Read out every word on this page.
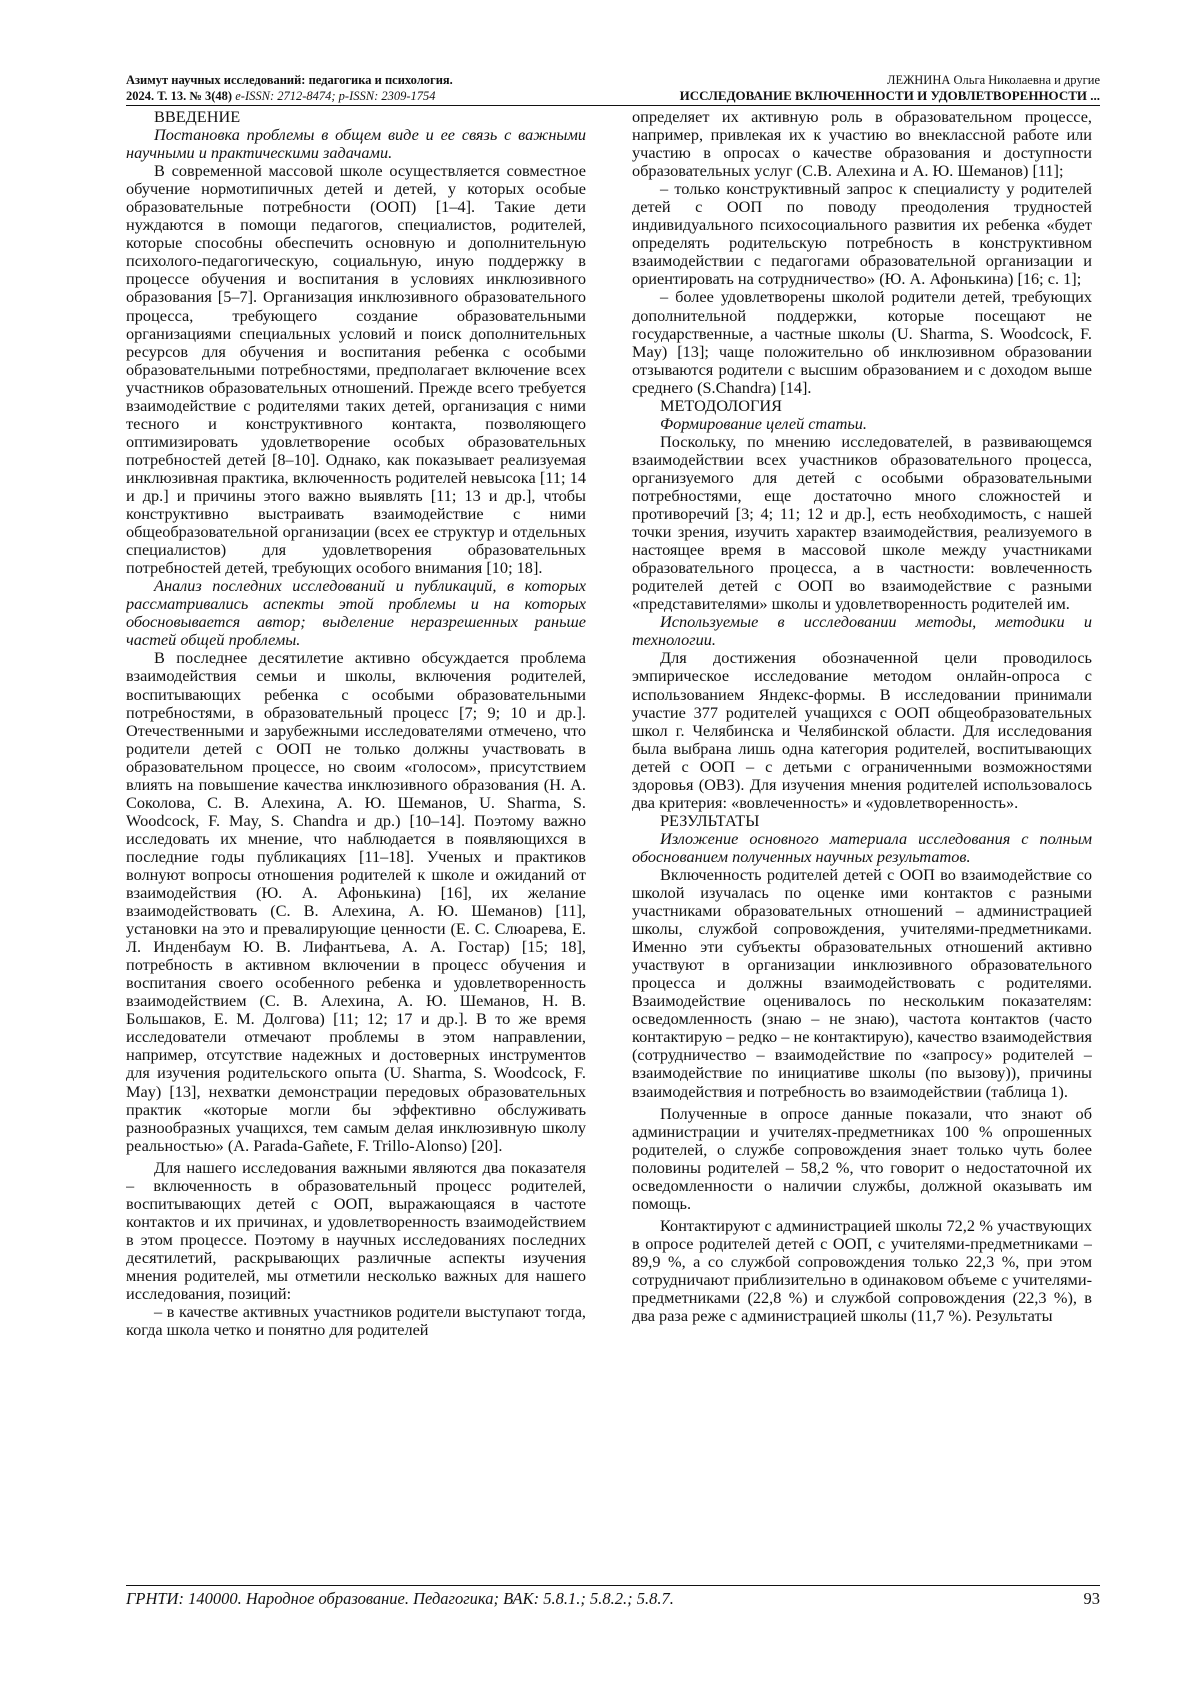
Азимут научных исследований: педагогика и психология.
2024. Т. 13. № 3(48) e-ISSN: 2712-8474; p-ISSN: 2309-1754
ЛЕЖНИНА Ольга Николаевна и другие
ИССЛЕДОВАНИЕ ВКЛЮЧЕННОСТИ И УДОВЛЕТВОРЕННОСТИ ...

ВВЕДЕНИЕ

Постановка проблемы в общем виде и ее связь с важными научными и практическими задачами.

В современной массовой школе осуществляется совместное обучение нормотипичных детей и детей, у которых особые образовательные потребности (ООП) [1–4]. Такие дети нуждаются в помощи педагогов, специалистов, родителей, которые способны обеспечить основную и дополнительную психолого-педагогическую, социальную, иную поддержку в процессе обучения и воспитания в условиях инклюзивного образования [5–7]. Организация инклюзивного образовательного процесса, требующего создание образовательными организациями специальных условий и поиск дополнительных ресурсов для обучения и воспитания ребенка с особыми образовательными потребностями, предполагает включение всех участников образовательных отношений. Прежде всего требуется взаимодействие с родителями таких детей, организация с ними тесного и конструктивного контакта, позволяющего оптимизировать удовлетворение особых образовательных потребностей детей [8–10]. Однако, как показывает реализуемая инклюзивная практика, включенность родителей невысока [11; 14 и др.] и причины этого важно выявлять [11; 13 и др.], чтобы конструктивно выстраивать взаимодействие с ними общеобразовательной организации (всех ее структур и отдельных специалистов) для удовлетворения образовательных потребностей детей, требующих особого внимания [10; 18].

Анализ последних исследований и публикаций, в которых рассматривались аспекты этой проблемы и на которых обосновывается автор; выделение неразрешенных раньше частей общей проблемы.

В последнее десятилетие активно обсуждается проблема взаимодействия семьи и школы, включения родителей, воспитывающих ребенка с особыми образовательными потребностями, в образовательный процесс [7; 9; 10 и др.]. Отечественными и зарубежными исследователями отмечено, что родители детей с ООП не только должны участвовать в образовательном процессе, но своим «голосом», присутствием влиять на повышение качества инклюзивного образования (Н. А. Соколова, С. В. Алехина, А. Ю. Шеманов, U. Sharma, S. Woodcock, F. May, S. Chandra и др.) [10–14]. Поэтому важно исследовать их мнение, что наблюдается в появляющихся в последние годы публикациях [11–18]. Ученых и практиков волнуют вопросы отношения родителей к школе и ожиданий от взаимодействия (Ю. А. Афонькина) [16], их желание взаимодействовать (С. В. Алехина, А. Ю. Шеманов) [11], установки на это и превалирующие ценности (Е. С. Слюарева, Е. Л. Инденбаум Ю. В. Лифантьева, А. А. Гостар) [15; 18], потребность в активном включении в процесс обучения и воспитания своего особенного ребенка и удовлетворенность взаимодействием (С. В. Алехина, А. Ю. Шеманов, Н. В. Большаков, Е. М. Долгова) [11; 12; 17 и др.]. В то же время исследователи отмечают проблемы в этом направлении, например, отсутствие надежных и достоверных инструментов для изучения родительского опыта (U. Sharma, S. Woodcock, F. May) [13], нехватки демонстрации передовых образовательных практик «которые могли бы эффективно обслуживать разнообразных учащихся, тем самым делая инклюзивную школу реальностью» (A. Parada-Gañete, F. Trillo-Alonso) [20].

Для нашего исследования важными являются два показателя – включенность в образовательный процесс родителей, воспитывающих детей с ООП, выражающаяся в частоте контактов и их причинах, и удовлетворенность взаимодействием в этом процессе. Поэтому в научных исследованиях последних десятилетий, раскрывающих различные аспекты изучения мнения родителей, мы отметили несколько важных для нашего исследования, позиций:

– в качестве активных участников родители выступают тогда, когда школа четко и понятно для родителей

определяет их активную роль в образовательном процессе, например, привлекая их к участию во внеклассной работе или участию в опросах о качестве образования и доступности образовательных услуг (С.В. Алехина и А. Ю. Шеманов) [11];

– только конструктивный запрос к специалисту у родителей детей с ООП по поводу преодоления трудностей индивидуального психосоциального развития их ребенка «будет определять родительскую потребность в конструктивном взаимодействии с педагогами образовательной организации и ориентировать на сотрудничество» (Ю. А. Афонькина) [16; с. 1];

– более удовлетворены школой родители детей, требующих дополнительной поддержки, которые посещают не государственные, а частные школы (U. Sharma, S. Woodcock, F. May) [13]; чаще положительно об инклюзивном образовании отзываются родители с высшим образованием и с доходом выше среднего (S.Chandra) [14].

МЕТОДОЛОГИЯ

Формирование целей статьи.

Поскольку, по мнению исследователей, в развивающемся взаимодействии всех участников образовательного процесса, организуемого для детей с особыми образовательными потребностями, еще достаточно много сложностей и противоречий [3; 4; 11; 12 и др.], есть необходимость, с нашей точки зрения, изучить характер взаимодействия, реализуемого в настоящее время в массовой школе между участниками образовательного процесса, а в частности: вовлеченность родителей детей с ООП во взаимодействие с разными «представителями» школы и удовлетворенность родителей им.

Используемые в исследовании методы, методики и технологии.

Для достижения обозначенной цели проводилось эмпирическое исследование методом онлайн-опроса с использованием Яндекс-формы. В исследовании принимали участие 377 родителей учащихся с ООП общеобразовательных школ г. Челябинска и Челябинской области. Для исследования была выбрана лишь одна категория родителей, воспитывающих детей с ООП – с детьми с ограниченными возможностями здоровья (ОВЗ). Для изучения мнения родителей использовалось два критерия: «вовлеченность» и «удовлетворенность».

РЕЗУЛЬТАТЫ

Изложение основного материала исследования с полным обоснованием полученных научных результатов.

Включенность родителей детей с ООП во взаимодействие со школой изучалась по оценке ими контактов с разными участниками образовательных отношений – администрацией школы, службой сопровождения, учителями-предметниками. Именно эти субъекты образовательных отношений активно участвуют в организации инклюзивного образовательного процесса и должны взаимодействовать с родителями. Взаимодействие оценивалось по нескольким показателям: осведомленность (знаю – не знаю), частота контактов (часто контактирую – редко – не контактирую), качество взаимодействия (сотрудничество – взаимодействие по «запросу» родителей – взаимодействие по инициативе школы (по вызову)), причины взаимодействия и потребность во взаимодействии (таблица 1).

Полученные в опросе данные показали, что знают об администрации и учителях-предметниках 100 % опрошенных родителей, о службе сопровождения знает только чуть более половины родителей – 58,2 %, что говорит о недостаточной их осведомленности о наличии службы, должной оказывать им помощь.

Контактируют с администрацией школы 72,2 % участвующих в опросе родителей детей с ООП, с учителями-предметниками – 89,9 %, а со службой сопровождения только 22,3 %, при этом сотрудничают приблизительно в одинаковом объеме с учителями-предметниками (22,8 %) и службой сопровождения (22,3 %), в два раза реже с администрацией школы (11,7 %). Результаты

ГРНТИ: 140000. Народное образование. Педагогика; ВАК: 5.8.1.; 5.8.2.; 5.8.7.	93
